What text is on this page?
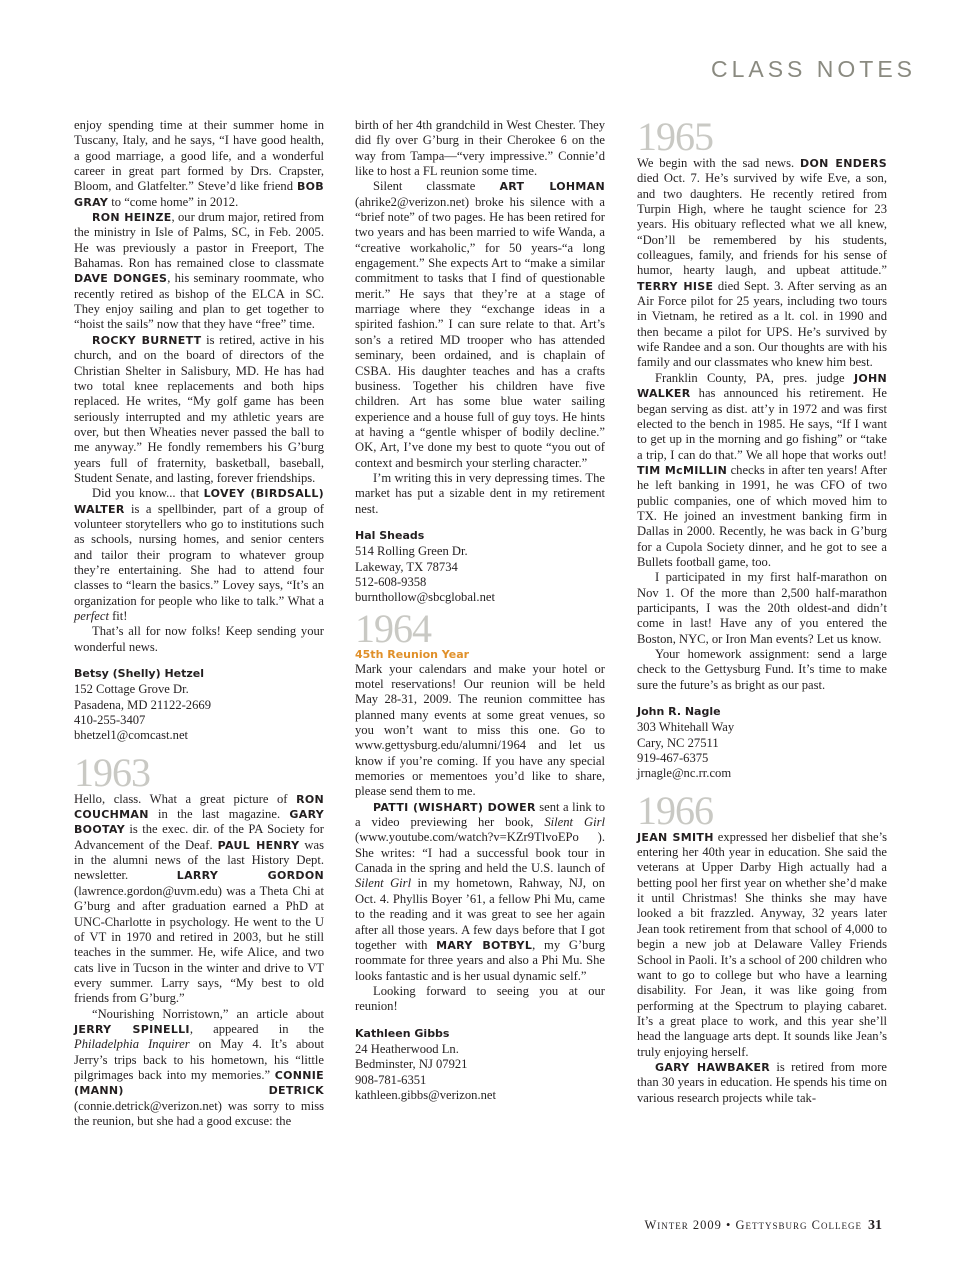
CLASS NOTES

enjoy spending time at their summer home in Tuscany, Italy, and he says, “I have good health, a good marriage, a good life, and a wonderful career in great part formed by Drs. Crapster, Bloom, and Glatfelter.” Steve’d like friend BOB GRAY to “come home” in 2012.

RON HEINZE, our drum major, retired from the ministry in Isle of Palms, SC, in Feb. 2005. He was previously a pastor in Freeport, The Bahamas. Ron has remained close to classmate DAVE DONGES, his seminary roommate, who recently retired as bishop of the ELCA in SC. They enjoy sailing and plan to get together to “hoist the sails” now that they have “free” time.

ROCKY BURNETT is retired, active in his church, and on the board of directors of the Christian Shelter in Salisbury, MD. He has had two total knee replacements and both hips replaced. He writes, “My golf game has been seriously interrupted and my athletic years are over, but then Wheaties never passed the ball to me anyway.” He fondly remembers his G’burg years full of fraternity, basketball, baseball, Student Senate, and lasting, forever friendships.

Did you know... that LOVEY (BIRDSALL) WALTER is a spellbinder, part of a group of volunteer storytellers who go to institutions such as schools, nursing homes, and senior centers and tailor their program to whatever group they’re entertaining. She had to attend four classes to “learn the basics.” Lovey says, “It’s an organization for people who like to talk.” What a perfect fit!

That’s all for now folks! Keep sending your wonderful news.

Betsy (Shelly) Hetzel
152 Cottage Grove Dr.
Pasadena, MD 21122-2669
410-255-3407
bhetzel1@comcast.net
1963

Hello, class. What a great picture of RON COUCHMAN in the last magazine. GARY BOOTAY is the exec. dir. of the PA Society for Advancement of the Deaf. PAUL HENRY was in the alumni news of the last History Dept. newsletter. LARRY GORDON (lawrence.gordon@uvm.edu) was a Theta Chi at G’burg and after graduation earned a PhD at UNC-Charlotte in psychology. He went to the U of VT in 1970 and retired in 2003, but he still teaches in the summer. He, wife Alice, and two cats live in Tucson in the winter and drive to VT every summer. Larry says, “My best to old friends from G’burg.”

“Nourishing Norristown,” an article about JERRY SPINELLI, appeared in the Philadelphia Inquirer on May 4. It’s about Jerry’s trips back to his hometown, his “little pilgrimages back into my memories.” CONNIE (MANN) DETRICK (connie.detrick@verizon.net) was sorry to miss the reunion, but she had a good excuse: the

birth of her 4th grandchild in West Chester. They did fly over G’burg in their Cherokee 6 on the way from Tampa—“very impressive.” Connie’d like to host a FL reunion some time.

Silent classmate ART LOHMAN (ahrike2@verizon.net) broke his silence with a “brief note” of two pages. He has been retired for two years and has been married to wife Wanda, a “creative workaholic,” for 50 years-“a long engagement.” She expects Art to “make a similar commitment to tasks that I find of questionable merit.” He says that they’re at a stage of marriage where they “exchange ideas in a spirited fashion.” I can sure relate to that. Art’s son’s a retired MD trooper who has attended seminary, been ordained, and is chaplain of CSBA. His daughter teaches and has a crafts business. Together his children have five children. Art has some blue water sailing experience and a house full of guy toys. He hints at having a “gentle whisper of bodily decline.” OK, Art, I’ve done my best to quote “you out of context and besmirch your sterling character.”

I’m writing this in very depressing times. The market has put a sizable dent in my retirement nest.

Hal Sheads
514 Rolling Green Dr.
Lakeway, TX 78734
512-608-9358
burnthollow@sbcglobal.net
1964
45th Reunion Year

Mark your calendars and make your hotel or motel reservations! Our reunion will be held May 28-31, 2009. The reunion committee has planned many events at some great venues, so you won’t want to miss this one. Go to www.gettysburg.edu/alumni/1964 and let us know if you’re coming. If you have any special memories or mementoes you’d like to share, please send them to me.

PATTI (WISHART) DOWER sent a link to a video previewing her book, Silent Girl (www.youtube.com/watch?v=KZr9TlvoEPo ). She writes: “I had a successful book tour in Canada in the spring and held the U.S. launch of Silent Girl in my hometown, Rahway, NJ, on Oct. 4. Phyllis Boyer ’61, a fellow Phi Mu, came to the reading and it was great to see her again after all those years. A few days before that I got together with MARY BOTBYL, my G’burg roommate for three years and also a Phi Mu. She looks fantastic and is her usual dynamic self.”

Looking forward to seeing you at our reunion!

Kathleen Gibbs
24 Heatherwood Ln.
Bedminster, NJ 07921
908-781-6351
kathleen.gibbs@verizon.net
1965

We begin with the sad news. DON ENDERS died Oct. 7. He’s survived by wife Eve, a son, and two daughters. He recently retired from Turpin High, where he taught science for 23 years. His obituary reflected what we all knew, “Don’ll be remembered by his students, colleagues, family, and friends for his sense of humor, hearty laugh, and upbeat attitude.” TERRY HISE died Sept. 3. After serving as an Air Force pilot for 25 years, including two tours in Vietnam, he retired as a lt. col. in 1990 and then became a pilot for UPS. He’s survived by wife Randee and a son. Our thoughts are with his family and our classmates who knew him best.

Franklin County, PA, pres. judge JOHN WALKER has announced his retirement. He began serving as dist. att’y in 1972 and was first elected to the bench in 1985. He says, “If I want to get up in the morning and go fishing” or “take a trip, I can do that.” We all hope that works out! TIM McMILLIN checks in after ten years! After he left banking in 1991, he was CFO of two public companies, one of which moved him to TX. He joined an investment banking firm in Dallas in 2000. Recently, he was back in G’burg for a Cupola Society dinner, and he got to see a Bullets football game, too.

I participated in my first half-marathon on Nov 1. Of the more than 2,500 half-marathon participants, I was the 20th oldest-and didn’t come in last! Have any of you entered the Boston, NYC, or Iron Man events? Let us know.

Your homework assignment: send a large check to the Gettysburg Fund. It’s time to make sure the future’s as bright as our past.

John R. Nagle
303 Whitehall Way
Cary, NC 27511
919-467-6375
jrnagle@nc.rr.com
1966

JEAN SMITH expressed her disbelief that she’s entering her 40th year in education. She said the veterans at Upper Darby High actually had a betting pool her first year on whether she’d make it until Christmas! She thinks she may have looked a bit frazzled. Anyway, 32 years later Jean took retirement from that school of 4,000 to begin a new job at Delaware Valley Friends School in Paoli. It’s a school of 200 children who want to go to college but who have a learning disability. For Jean, it was like going from performing at the Spectrum to playing cabaret. It’s a great place to work, and this year she’ll head the language arts dept. It sounds like Jean’s truly enjoying herself.

GARY HAWBAKER is retired from more than 30 years in education. He spends his time on various research projects while tak-

Winter 2009 • Gettysburg College 31
